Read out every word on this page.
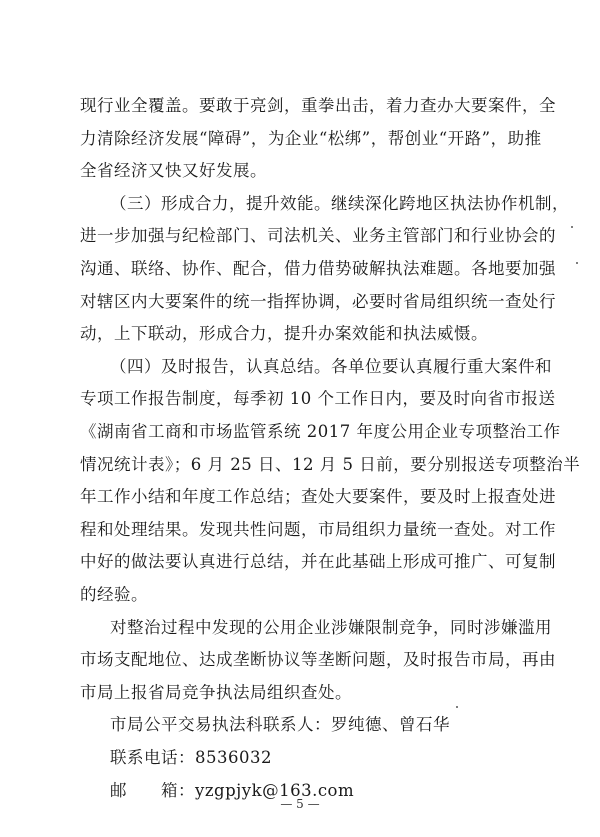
— 5 —
现行业全覆盖。要敢于亮剑，重拳出击，着力查办大要案件，全
力清除经济发展“障碍”，为企业“松绑”，帮创业“开路”，助推
全省经济又快又好发展。
（三）形成合力，提升效能。继续深化跨地区执法协作机制，
进一步加强与纪检部门、司法机关、业务主管部门和行业协会的
沟通、联络、协作、配合，借力借势破解执法难题。各地要加强
对辖区内大要案件的统一指挥协调，必要时省局组织统一查处行
动，上下联动，形成合力，提升办案效能和执法威慑。
（四）及时报告，认真总结。各单位要认真履行重大案件和
专项工作报告制度，每季初 10 个工作日内，要及时向省市报送
《湖南省工商和市场监管系统 2017 年度公用企业专项整治工作
情况统计表》；6 月 25 日、12 月 5 日前，要分别报送专项整治半
年工作小结和年度工作总结；查处大要案件，要及时上报查处进
程和处理结果。发现共性问题，市局组织力量统一查处。对工作
中好的做法要认真进行总结，并在此基础上形成可推广、可复制
的经验。
对整治过程中发现的公用企业涉嫌限制竞争，同时涉嫌滥用
市场支配地位、达成垄断协议等垄断问题，及时报告市局，再由
市局上报省局竞争执法局组织查处。
市局公平交易执法科联系人：罗纯德、曾石华
联系电话：8536032
邮　　箱：yzgpjyk@163.com
